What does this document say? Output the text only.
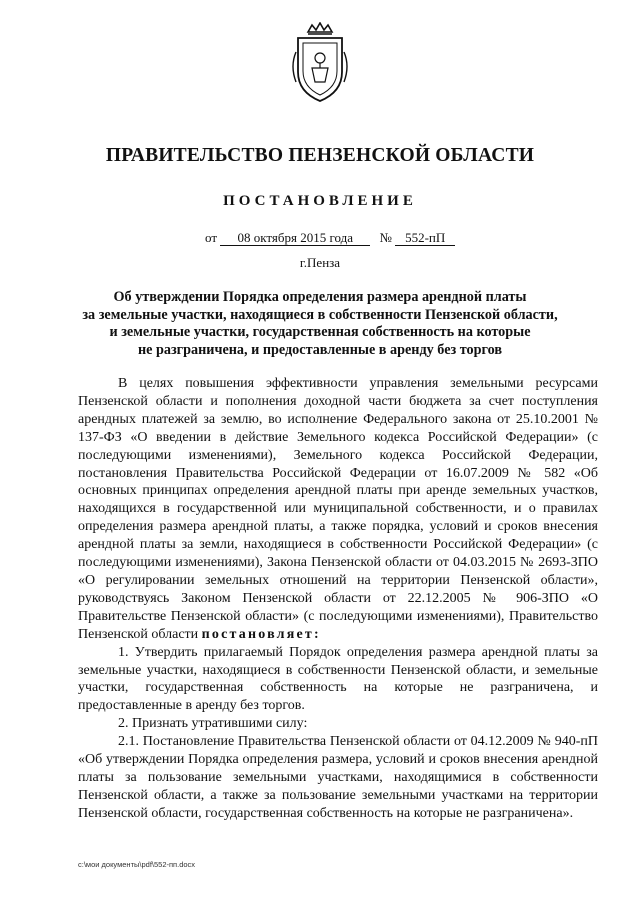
ПРАВИТЕЛЬСТВО ПЕНЗЕНСКОЙ ОБЛАСТИ
ПОСТАНОВЛЕНИЕ
от 08 октября 2015 года № 552-пП
г.Пенза
Об утверждении Порядка определения размера арендной платы
за земельные участки, находящиеся в собственности Пензенской области,
и земельные участки, государственная собственность на которые
не разграничена, и предоставленные в аренду без торгов

В целях повышения эффективности управления земельными ресурсами Пензенской области и пополнения доходной части бюджета за счет поступления арендных платежей за землю, во исполнение Федерального закона от 25.10.2001 № 137-ФЗ «О введении в действие Земельного кодекса Российской Федерации» (с последующими изменениями), Земельного кодекса Российской Федерации, постановления Правительства Российской Федерации от 16.07.2009 № 582 «Об основных принципах определения арендной платы при аренде земельных участков, находящихся в государственной или муниципальной собственности, и о правилах определения размера арендной платы, а также порядка, условий и сроков внесения арендной платы за земли, находящиеся в собственности Российской Федерации» (с последующими изменениями), Закона Пензенской области от 04.03.2015 № 2693-ЗПО «О регулировании земельных отношений на территории Пензенской области», руководствуясь Законом Пензенской области от 22.12.2005 № 906-ЗПО «О Правительстве Пензенской области» (с последующими изменениями), Правительство Пензенской области постановляет:

1. Утвердить прилагаемый Порядок определения размера арендной платы за земельные участки, находящиеся в собственности Пензенской области, и земельные участки, государственная собственность на которые не разграничена, и предоставленные в аренду без торгов.

2. Признать утратившими силу:

2.1. Постановление Правительства Пензенской области от 04.12.2009 № 940-пП «Об утверждении Порядка определения размера, условий и сроков внесения арендной платы за пользование земельными участками, находящимися в собственности Пензенской области, а также за пользование земельными участками на территории Пензенской области, государственная собственность на которые не разграничена».

c:\мои документы\pdf\552-пп.docx
